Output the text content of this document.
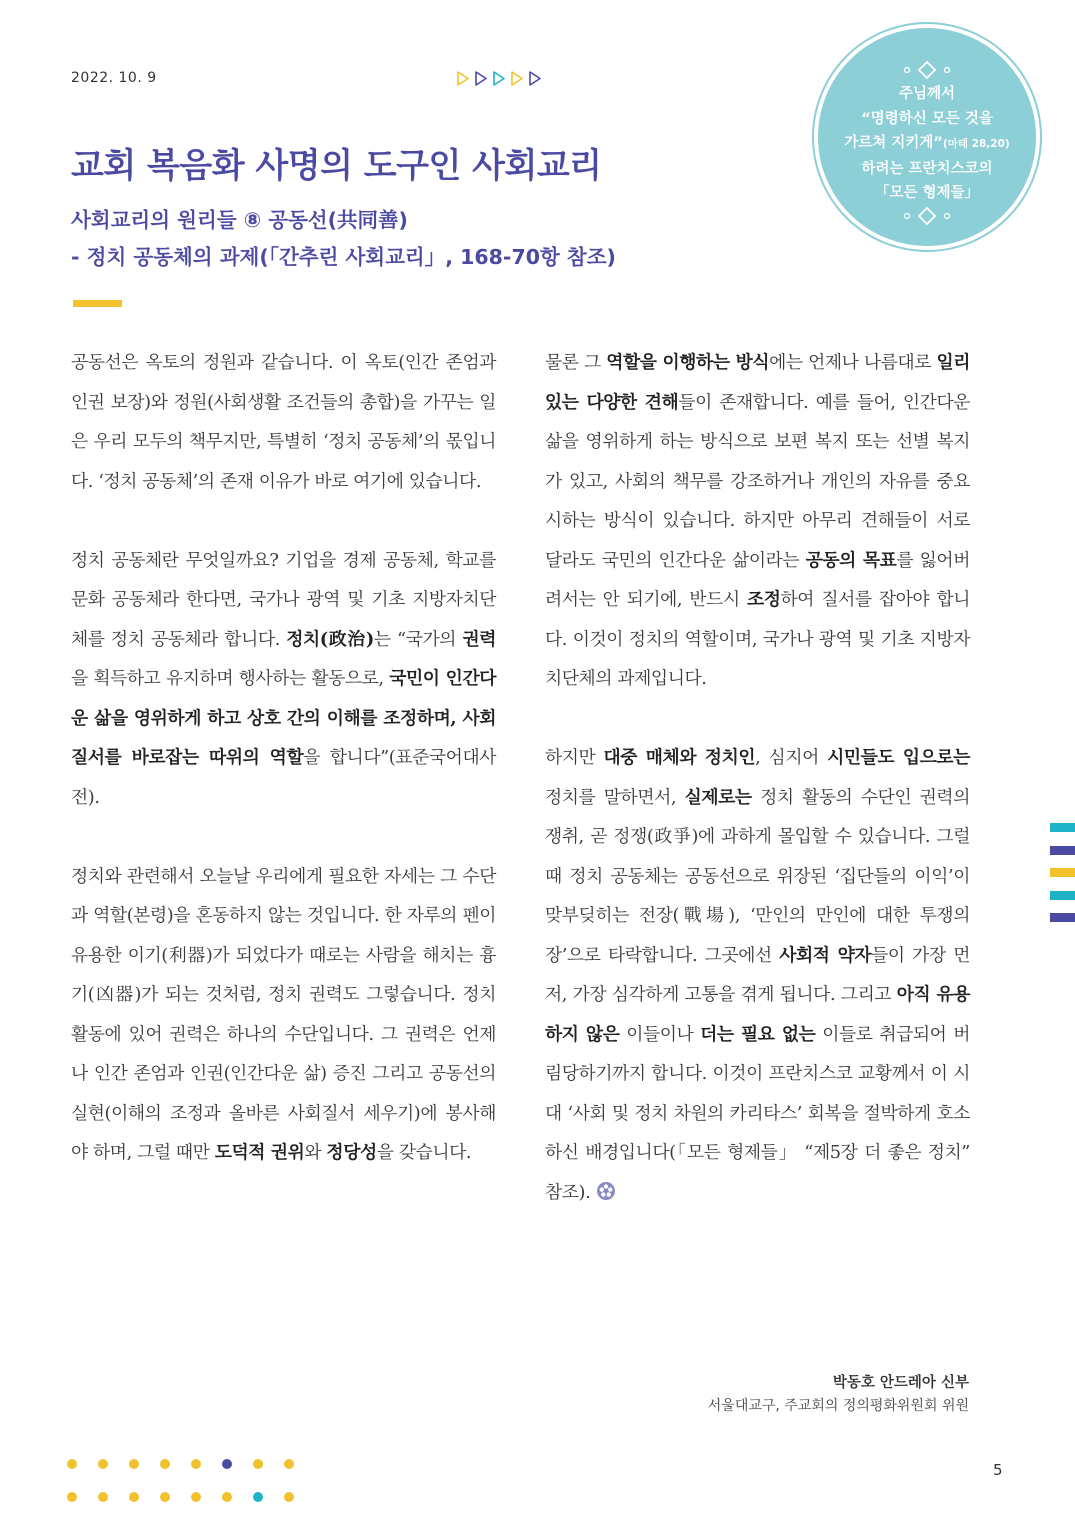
2022. 10. 9
주님께서
“명령하신 모든 것을
가르쳐 지키게”(마태 28,20)
하려는 프란치스코의
「모든 형제들」
교회 복음화 사명의 도구인 사회교리
사회교리의 원리들 ⑧ 공동선(共同善)
- 정치 공동체의 과제(「간추린 사회교리」, 168-70항 참조)

공동선은 옥토의 정원과 같습니다. 이 옥토(인간 존엄과 인권 보장)와 정원(사회생활 조건들의 총합)을 가꾸는 일은 우리 모두의 책무지만, 특별히 ‘정치 공동체’의 몫입니다. ‘정치 공동체’의 존재 이유가 바로 여기에 있습니다.

정치 공동체란 무엇일까요? 기업을 경제 공동체, 학교를 문화 공동체라 한다면, 국가나 광역 및 기초 지방자치단체를 정치 공동체라 합니다. 정치(政治)는 “국가의 권력을 획득하고 유지하며 행사하는 활동으로, 국민이 인간다운 삶을 영위하게 하고 상호 간의 이해를 조정하며, 사회 질서를 바로잡는 따위의 역할을 합니다”(표준국어대사전).

정치와 관련해서 오늘날 우리에게 필요한 자세는 그 수단과 역할(본령)을 혼동하지 않는 것입니다. 한 자루의 펜이 유용한 이기(利器)가 되었다가 때로는 사람을 해치는 흉기(凶器)가 되는 것처럼, 정치 권력도 그렇습니다. 정치 활동에 있어 권력은 하나의 수단입니다. 그 권력은 언제나 인간 존엄과 인권(인간다운 삶) 증진 그리고 공동선의 실현(이해의 조정과 올바른 사회질서 세우기)에 봉사해야 하며, 그럴 때만 도덕적 권위와 정당성을 갖습니다.

물론 그 역할을 이행하는 방식에는 언제나 나름대로 일리 있는 다양한 견해들이 존재합니다. 예를 들어, 인간다운 삶을 영위하게 하는 방식으로 보편 복지 또는 선별 복지가 있고, 사회의 책무를 강조하거나 개인의 자유를 중요시하는 방식이 있습니다. 하지만 아무리 견해들이 서로 달라도 국민의 인간다운 삶이라는 공동의 목표를 잃어버려서는 안 되기에, 반드시 조정하여 질서를 잡아야 합니다. 이것이 정치의 역할이며, 국가나 광역 및 기초 지방자치단체의 과제입니다.

하지만 대중 매체와 정치인, 심지어 시민들도 입으로는 정치를 말하면서, 실제로는 정치 활동의 수단인 권력의 쟁취, 곧 정쟁(政爭)에 과하게 몰입할 수 있습니다. 그럴 때 정치 공동체는 공동선으로 위장된 ‘집단들의 이익’이 맞부딪히는 전장(戰場), ‘만인의 만인에 대한 투쟁의 장’으로 타락합니다. 그곳에선 사회적 약자들이 가장 먼저, 가장 심각하게 고통을 겪게 됩니다. 그리고 아직 유용하지 않은 이들이나 더는 필요 없는 이들로 취급되어 버림당하기까지 합니다. 이것이 프란치스코 교황께서 이 시대 ‘사회 및 정치 차원의 카리타스’ 회복을 절박하게 호소하신 배경입니다(「모든 형제들」 “제5장 더 좋은 정치” 참조).

박동호 안드레아 신부
서울대교구, 주교회의 정의평화위원회 위원
5
